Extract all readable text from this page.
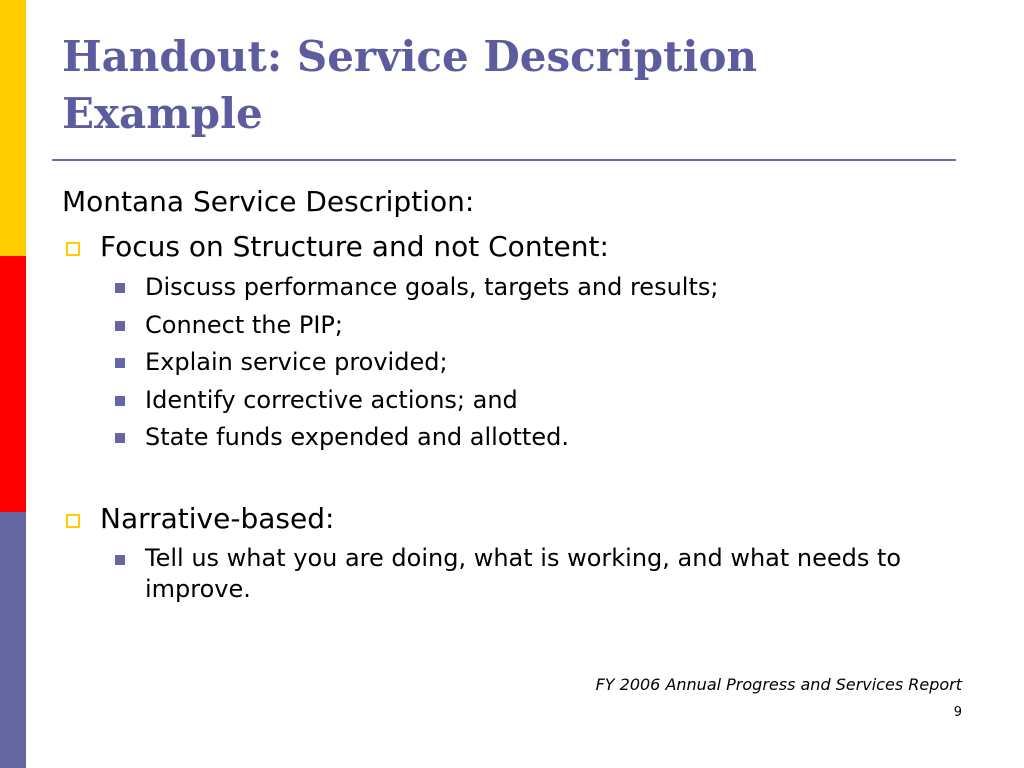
Handout: Service Description
Example

Montana Service Description:

Focus on Structure and not Content:

Discuss performance goals, targets and results;

Connect the PIP;

Explain service provided;

Identify corrective actions; and

State funds expended and allotted.

Narrative-based:

Tell us what you are doing, what is working, and what needs to improve.

FY 2006 Annual Progress and Services Report

9
